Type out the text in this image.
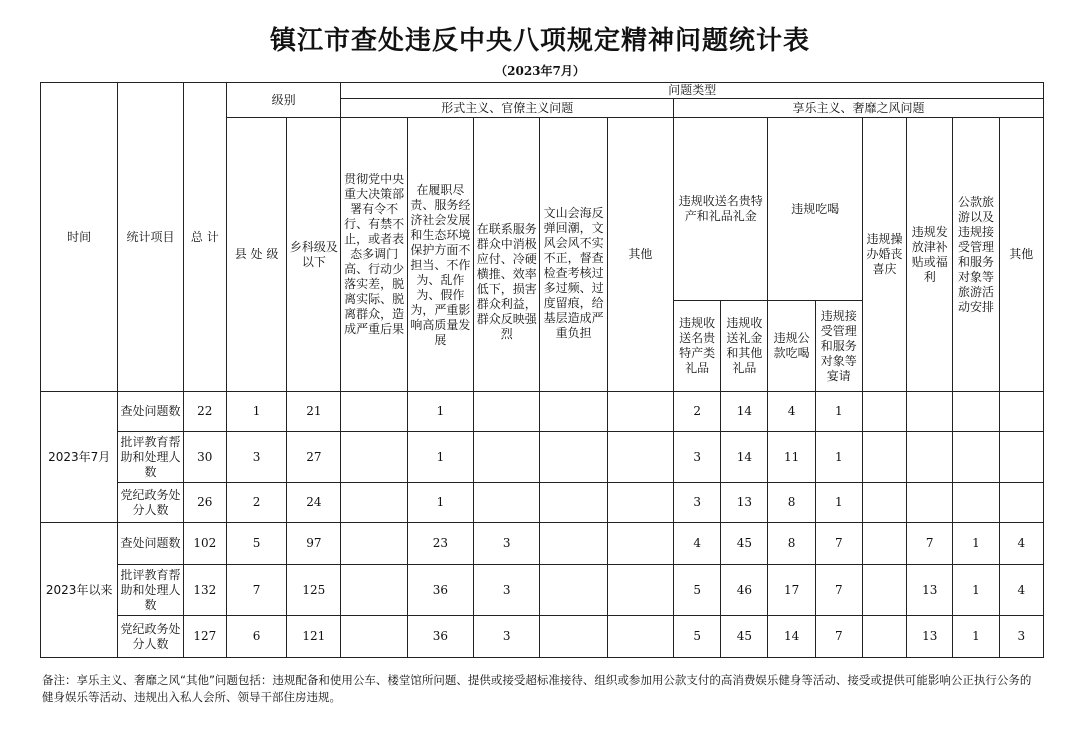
镇江市查处违反中央八项规定精神问题统计表
（2023年7月）
时间	统计项目	总 计	级别		问题类型												
					形式主义、官僚主义问题					享乐主义、奢靡之风问题							
			县 处 级	乡科级及以下	贯彻党中央重大决策部署有令不行、有禁不止，或者表态多调门高、行动少落实差，脱离实际、脱离群众，造成严重后果	在履职尽责、服务经济社会发展和生态环境保护方面不担当、不作为、乱作为、假作为，严重影响高质量发展	在联系服务群众中消极应付、冷硬横推、效率低下，损害群众利益，群众反映强烈	文山会海反弹回潮，文风会风不实不正，督查检查考核过多过频、过度留痕，给基层造成严重负担	其他	违规收送名贵特产和礼品礼金		违规吃喝		违规操办婚丧喜庆	违规发放津补贴或福利	公款旅游以及违规接受管理和服务对象等旅游活动安排	其他
										违规收送名贵特产类礼品	违规收送礼金和其他礼品	违规公款吃喝	违规接受管理和服务对象等宴请				
2023年7月	查处问题数	22	1	21		1				2	14	4	1				
	批评教育帮助和处理人数	30	3	27		1				3	14	11	1				
	党纪政务处分人数	26	2	24		1				3	13	8	1				
2023年以来	查处问题数	102	5	97		23	3			4	45	8	7		7	1	4
	批评教育帮助和处理人数	132	7	125		36	3			5	46	17	7		13	1	4
	党纪政务处分人数	127	6	121		36	3			5	45	14	7		13	1	3
备注：享乐主义、奢靡之风“其他”问题包括：违规配备和使用公车、楼堂馆所问题、提供或接受超标准接待、组织或参加用公款支付的高消费娱乐健身等活动、接受或提供可能影响公正执行公务的健身娱乐等活动、违规出入私人会所、领导干部住房违规。
